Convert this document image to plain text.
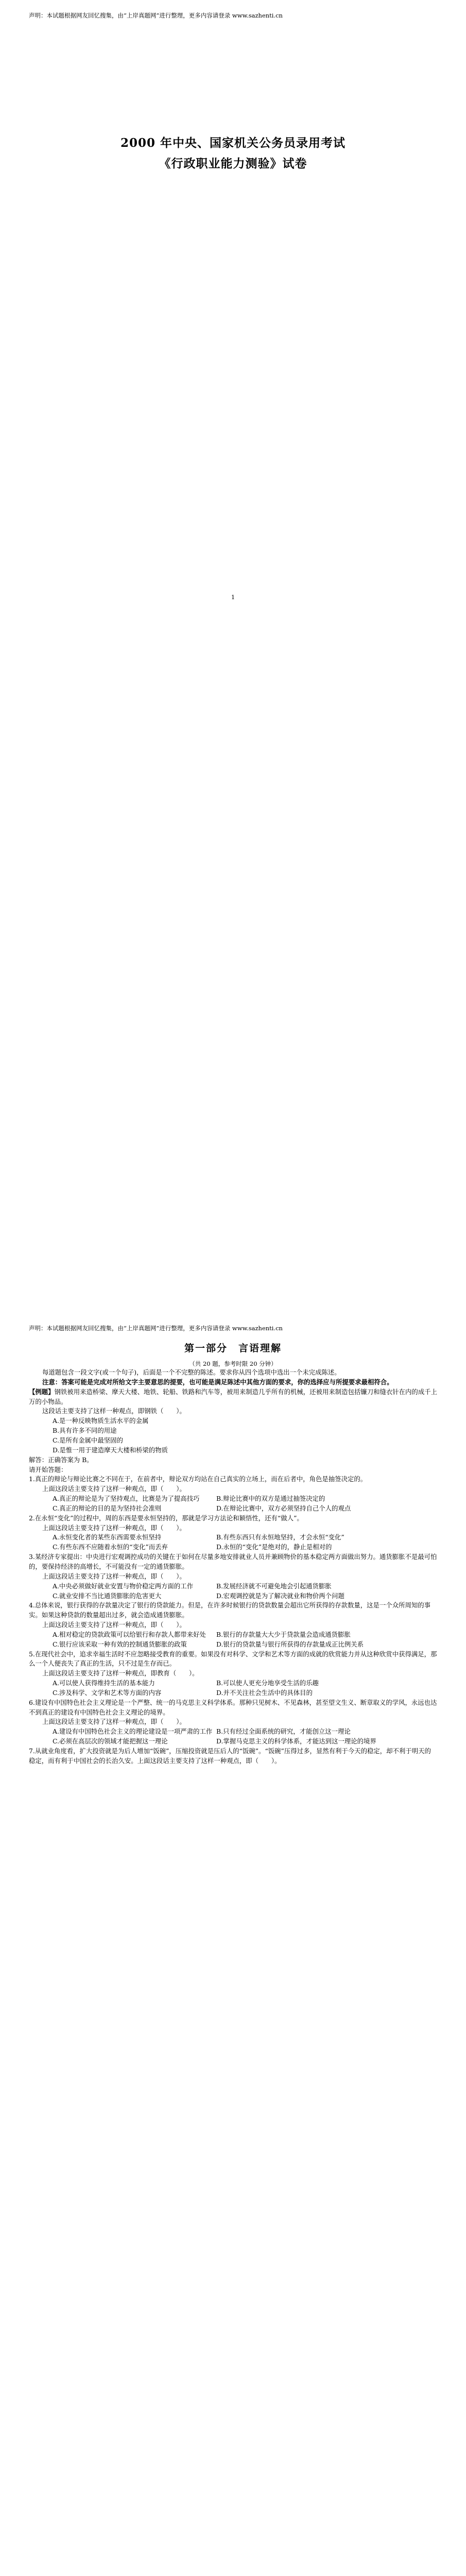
声明：本试题根据网友回忆搜集，由“上岸真题网”进行整理，更多内容请登录 www.sazhenti.cn
2000 年中央、国家机关公务员录用考试
《行政职业能力测验》试卷
1
声明：本试题根据网友回忆搜集，由“上岸真题网”进行整理，更多内容请登录 www.sazhenti.cn
第一部分　言语理解
（共 20 题，参考时限 20 分钟）

每道题包含一段文字(或一个句子)，后面是一个不完整的陈述。要求你从四个选项中选出一个未完成陈述。

注意：答案可能是完成对所给文字主要意思的提要，也可能是满足陈述中其他方面的要求，你的选择应与所提要求最相符合。

【例题】钢铁被用来造桥梁、摩天大楼、地铁、轮船、铁路和汽车等，被用来制造几乎所有的机械，还被用来制造包括镰刀和缝衣针在内的成千上万的小物品。

这段话主要支持了这样一种观点，即钢铁（　　）。

A.是一种反映物质生活水平的金属

B.具有许多不同的用途

C.是所有金属中最坚固的

D.是惟一用于建造摩天大楼和桥梁的物质

解答：正确答案为 B。

请开始答题：

1.真正的辩论与辩论比赛之不同在于，在前者中，辩论双方均站在自己真实的立场上，而在后者中，角色是抽签决定的。

上面这段话主要支持了这样一种观点，即（　　）。

A.真正的辩论是为了坚持观点，比赛是为了提高技巧	B.辩论比赛中的双方是通过抽签决定的
C.真正的辩论的目的是为坚持社会准则	D.在辩论比赛中，双方必须坚持自己个人的观点

2.在永恒“变化”的过程中，周的东西是要永恒坚持的，那就是学习方法论和颖悟性，还有“做人”。

上面这段话主要支持了这样一种观点，即（　　）。

A.永恒变化者的某些东西需要永恒坚持	B.有些东西只有永恒地坚持，才会永恒“变化”
C.有些东西不应随着永恒的“变化”而丢弃	D.永恒的“变化”是绝对的，静止是相对的

3.某经济专家提出：中央进行宏观调控成功的关键在于如何在尽量多地安排就业人员并兼顾物价的基本稳定两方面做出努力。通货膨胀不是最可怕的，要保持经济的高增长，不可能没有一定的通货膨胀。

上面这段话主要支持了这样一种观点，即（　　）。

A.中央必须做好就业安置与物价稳定两方面的工作	B.发展经济就不可避免地会引起通货膨胀
C.就业安排不当比通货膨胀的危害更大	D.宏观调控就是为了解决就业和物价两个问题

4.总体来说，银行获得的存款量决定了银行的贷款能力。但是，在许多时候银行的贷款数量会超出它所获得的存款数量，这是一个众所周知的事实。如果这种贷款的数量超出过多，就会造成通货膨胀。

上面这段话主要支持了这样一种观点，即（　　）。

A.相对稳定的贷款政策可以给银行和存款人都带来好处	B.银行的存款量大大少于贷款量会造成通货膨胀
C.银行应该采取一种有效的控制通货膨胀的政策	D.银行的贷款量与银行所获得的存款量成正比例关系

5.在现代社会中，追求幸福生活时不应忽略接受教育的重要。如果没有对科学、文学和艺术等方面的成就的欣赏能力并从这种欣赏中获得满足，那么一个人便丧失了真正的生活，只不过是生存而已。

上面这段话主要支持了这样一种观点，即教育（　　）。

A.可以使人获得维持生活的基本能力	B.可以使人更充分地享受生活的乐趣
C.涉及科学、文学和艺术等方面的内容	D.并不关注社会生活中的具体目的

6.建设有中国特色社会主义理论是一个严整、统一的马克思主义科学体系。那种只见树木、不见森林，甚至望文生义、断章取义的学风，永远也达不到真正的建设有中国特色社会主义理论的境界。

上面这段话主要支持了这样一种观点，即（　　）。

A.建设有中国特色社会主义的理论建设是一项严肃的工作 B.只有经过全面系统的研究，才能创立这一理论
C.必须在高层次的领域才能把握这一理论	D.掌握马克思主义的科学体系，才能达到这一理论的境界

7.从就业角度看，扩大投资就是为后人增加“饭碗”，压缩投资就是压后人的“饭碗”。“饭碗”压得过多，显然有利于今天的稳定，却不利于明天的稳定，而有利于中国社会的长治久安。上面这段话主要支持了这样一种观点，即（　　）。
